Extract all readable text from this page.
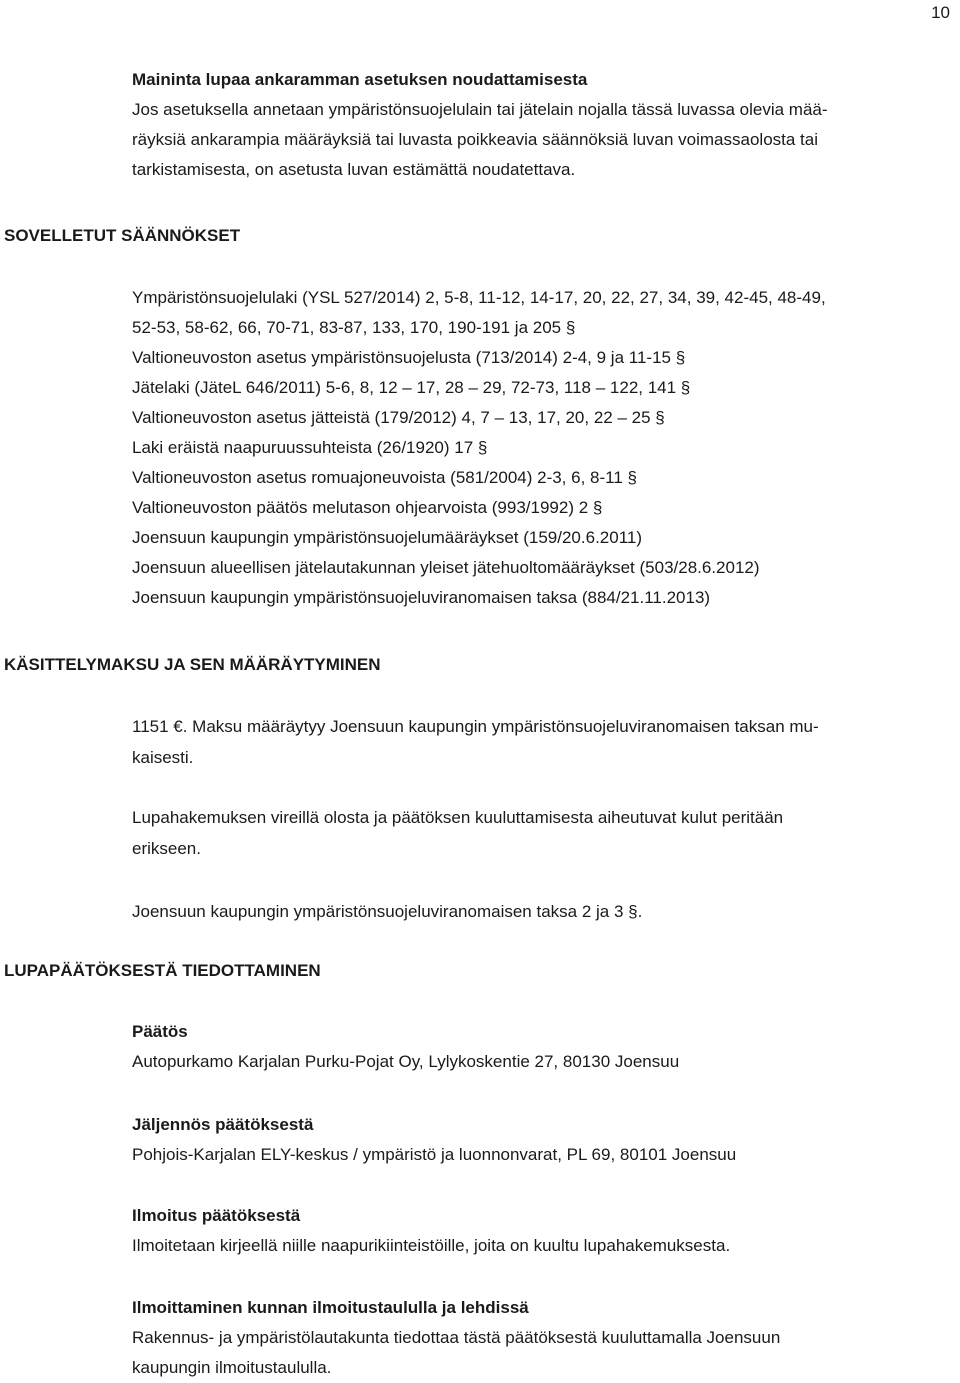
10
Maininta lupaa ankaramman asetuksen noudattamisesta
Jos asetuksella annetaan ympäristönsuojelulain tai jätelain nojalla tässä luvassa olevia mää-
räyksiä ankarampia määräyksiä tai luvasta poikkeavia säännöksiä luvan voimassaolosta tai
tarkistamisesta, on asetusta luvan estämättä noudatettava.
SOVELLETUT SÄÄNNÖKSET
Ympäristönsuojelulaki (YSL 527/2014) 2, 5-8, 11-12, 14-17, 20, 22, 27, 34, 39, 42-45, 48-49,
52-53, 58-62, 66, 70-71, 83-87, 133, 170, 190-191 ja 205 §
Valtioneuvoston asetus ympäristönsuojelusta (713/2014) 2-4, 9 ja 11-15 §
Jätelaki (JäteL 646/2011) 5-6, 8, 12 – 17, 28 – 29, 72-73, 118 – 122, 141 §
Valtioneuvoston asetus jätteistä (179/2012) 4, 7 – 13, 17, 20, 22 – 25 §
Laki eräistä naapuruussuhteista (26/1920) 17 §
Valtioneuvoston asetus romuajoneuvoista (581/2004) 2-3, 6, 8-11 §
Valtioneuvoston päätös melutason ohjearvoista (993/1992) 2 §
Joensuun kaupungin ympäristönsuojelumääräykset (159/20.6.2011)
Joensuun alueellisen jätelautakunnan yleiset jätehuoltomääräykset (503/28.6.2012)
Joensuun kaupungin ympäristönsuojeluviranomaisen taksa (884/21.11.2013)
KÄSITTELYMAKSU JA SEN MÄÄRÄYTYMINEN
1151 €. Maksu määräytyy Joensuun kaupungin ympäristönsuojeluviranomaisen taksan mu-
kaisesti.
Lupahakemuksen vireillä olosta ja päätöksen kuuluttamisesta aiheutuvat kulut peritään
erikseen.
Joensuun kaupungin ympäristönsuojeluviranomaisen taksa 2 ja 3 §.
LUPAPÄÄTÖKSESTÄ TIEDOTTAMINEN
Päätös
Autopurkamo Karjalan Purku-Pojat Oy, Lylykoskentie 27, 80130 Joensuu
Jäljennös päätöksestä
Pohjois-Karjalan ELY-keskus / ympäristö ja luonnonvarat, PL 69, 80101 Joensuu
Ilmoitus päätöksestä
Ilmoitetaan kirjeellä niille naapurikiinteistöille, joita on kuultu lupahakemuksesta.
Ilmoittaminen kunnan ilmoitustaululla ja lehdissä
Rakennus- ja ympäristölautakunta tiedottaa tästä päätöksestä kuuluttamalla Joensuun
kaupungin ilmoitustaululla.
